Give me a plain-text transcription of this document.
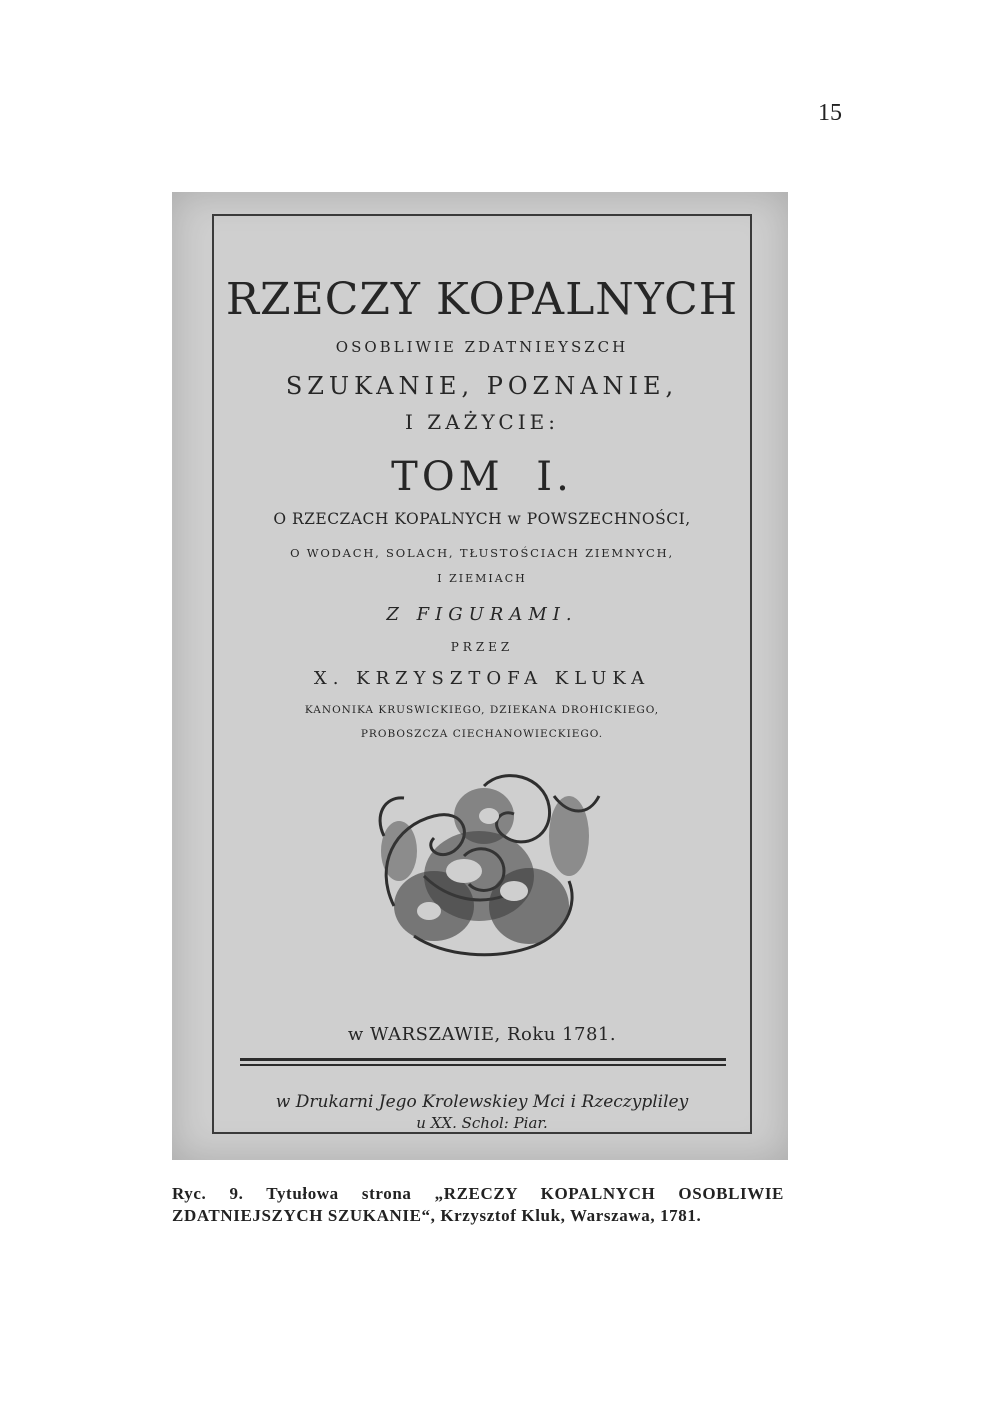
15
RZECZY KOPALNYCH
OSOBLIWIE ZDATNIEYSZCH
SZUKANIE, POZNANIE,
I ZAŻYCIE:
TOM I.
O RZECZACH KOPALNYCH w POWSZECHNOŚCI,
O WODACH, SOLACH, TŁUSTOŚCIACH ZIEMNYCH,
I ZIEMIACH
Z FIGURAMI.
PRZEZ
X. KRZYSZTOFA KLUKA
KANONIKA KRUSWICKIEGO, DZIEKANA DROHICKIEGO,
PROBOSZCZA CIECHANOWIECKIEGO.
w WARSZAWIE, Roku 1781.
w Drukarni Jego Krolewskiey Mci i Rzeczypliley
u XX. Schol: Piar.
Ryc. 9. Tytułowa strona „RZECZY KOPALNYCH OSOBLIWIE ZDATNIEJSZYCH SZUKANIE“, Krzysztof Kluk, Warszawa, 1781.
